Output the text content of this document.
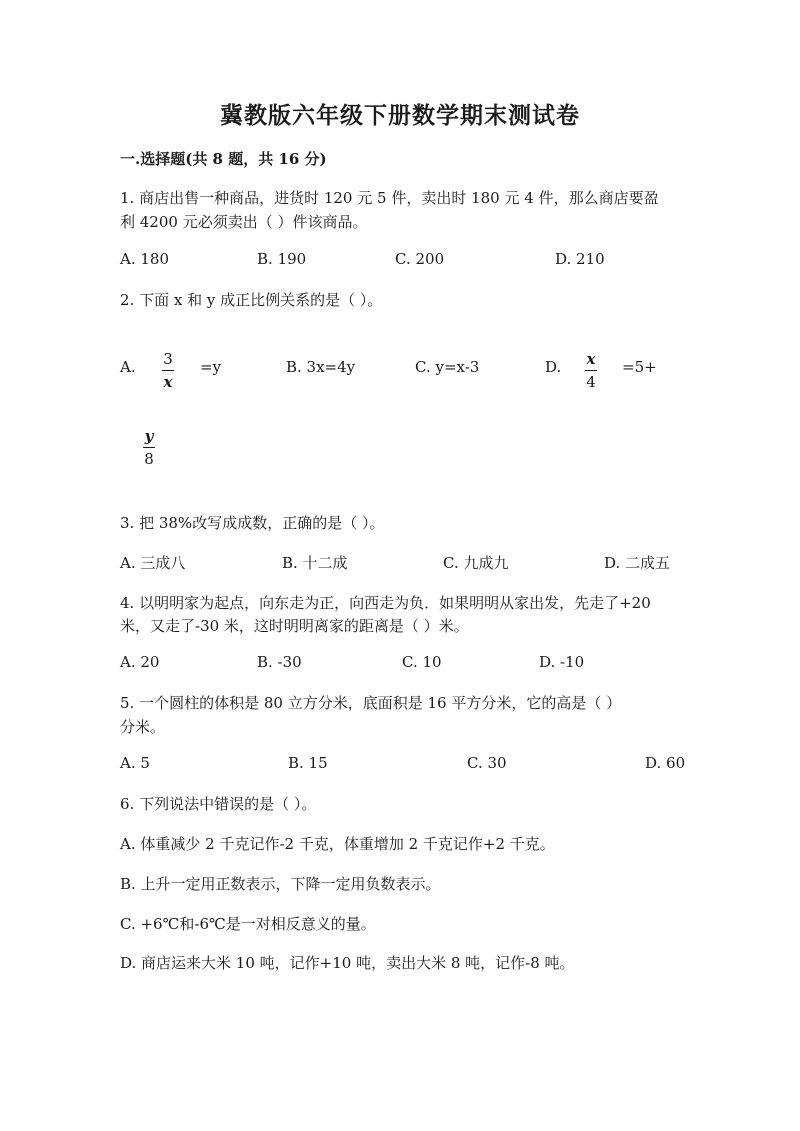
冀教版六年级下册数学期末测试卷
一.选择题(共 8 题，共 16 分)
1. 商店出售一种商品，进货时 120 元 5 件，卖出时 180 元 4 件，那么商店要盈
利 4200 元必须卖出（ ）件该商品。
A. 180	B. 190	C. 200	D. 210
2. 下面 x 和 y 成正比例关系的是（ ）。
A. 3
x
=y	B. 3x=4y	C. y=x-3	D. x
4
=5+
y
8
3. 把 38%改写成成数，正确的是（ ）。
A. 三成八	B. 十二成	C. 九成九	D. 二成五
4. 以明明家为起点，向东走为正，向西走为负．如果明明从家出发，先走了+20
米，又走了-30 米，这时明明离家的距离是（ ）米。
A. 20	B. -30	C. 10	D. -10
5. 一个圆柱的体积是 80 立方分米，底面积是 16 平方分米，它的高是（ ）
分米。
A. 5	B. 15	C. 30	D. 60
6. 下列说法中错误的是（ ）。
A. 体重减少 2 千克记作-2 千克，体重增加 2 千克记作+2 千克。
B. 上升一定用正数表示，下降一定用负数表示。
C. +6℃和-6℃是一对相反意义的量。
D. 商店运来大米 10 吨，记作+10 吨，卖出大米 8 吨，记作-8 吨。
